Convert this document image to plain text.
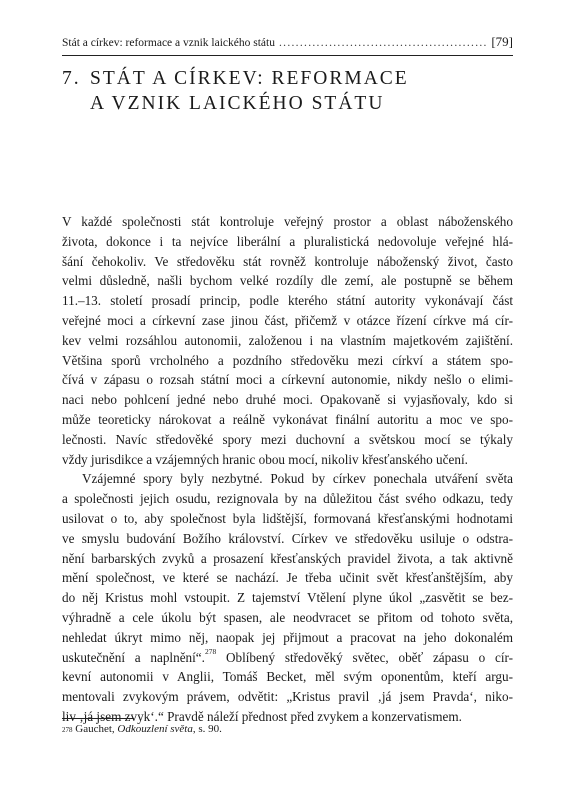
Stát a církev: reformace a vznik laického státu
.....	[79]
7. STÁT A CÍRKEV: REFORMACE
A VZNIK LAICKÉHO STÁTU
V každé společnosti stát kontroluje veřejný prostor a oblast náboženského
života, dokonce i ta nejvíce liberální a pluralistická nedovoluje veřejné hlá-
šání čehokoliv. Ve středověku stát rovněž kontroluje náboženský život, často
velmi důsledně, našli bychom velké rozdíly dle zemí, ale postupně se během
11.–13. století prosadí princip, podle kterého státní autority vykonávají část
veřejné moci a církevní zase jinou část, přičemž v otázce řízení církve má cír-
kev velmi rozsáhlou autonomii, založenou i na vlastním majetkovém zajištění.
Většina sporů vrcholného a pozdního středověku mezi církví a státem spo-
čívá v zápasu o rozsah státní moci a církevní autonomie, nikdy nešlo o elimi-
naci nebo pohlcení jedné nebo druhé moci. Opakovaně si vyjasňovaly, kdo si
může teoreticky nárokovat a reálně vykonávat finální autoritu a moc ve spo-
lečnosti. Navíc středověké spory mezi duchovní a světskou mocí se týkaly
vždy jurisdikce a vzájemných hranic obou mocí, nikoliv křesťanského učení.
Vzájemné spory byly nezbytné. Pokud by církev ponechala utváření světa
a společnosti jejich osudu, rezignovala by na důležitou část svého odkazu, tedy
usilovat o to, aby společnost byla lidštější, formovaná křesťanskými hodnotami
ve smyslu budování Božího království. Církev ve středověku usiluje o odstra-
nění barbarských zvyků a prosazení křesťanských pravidel života, a tak aktivně
mění společnost, ve které se nachází. Je třeba učinit svět křesťanštějším, aby
do něj Kristus mohl vstoupit. Z tajemství Vtělení plyne úkol „zasvětit se bez-
výhradně a cele úkolu být spasen, ale neodvracet se přitom od tohoto světa,
nehledat úkryt mimo něj, naopak jej přijmout a pracovat na jeho dokonalém
uskutečnění a naplnění“.$^{278}$ Oblíbený středověký světec, oběť zápasu o cír-
kevní autonomii v Anglii, Tomáš Becket, měl svým oponentům, kteří argu-
mentovali zvykovým právem, odvětit: „Kristus pravil ‚já jsem Pravda‘, niko-
liv ‚já jsem zvyk‘.“ Pravdě náleží přednost před zvykem a konzervatismem.
$^{278}$ Gauchet, Odkouzlení světa, s. 90.
